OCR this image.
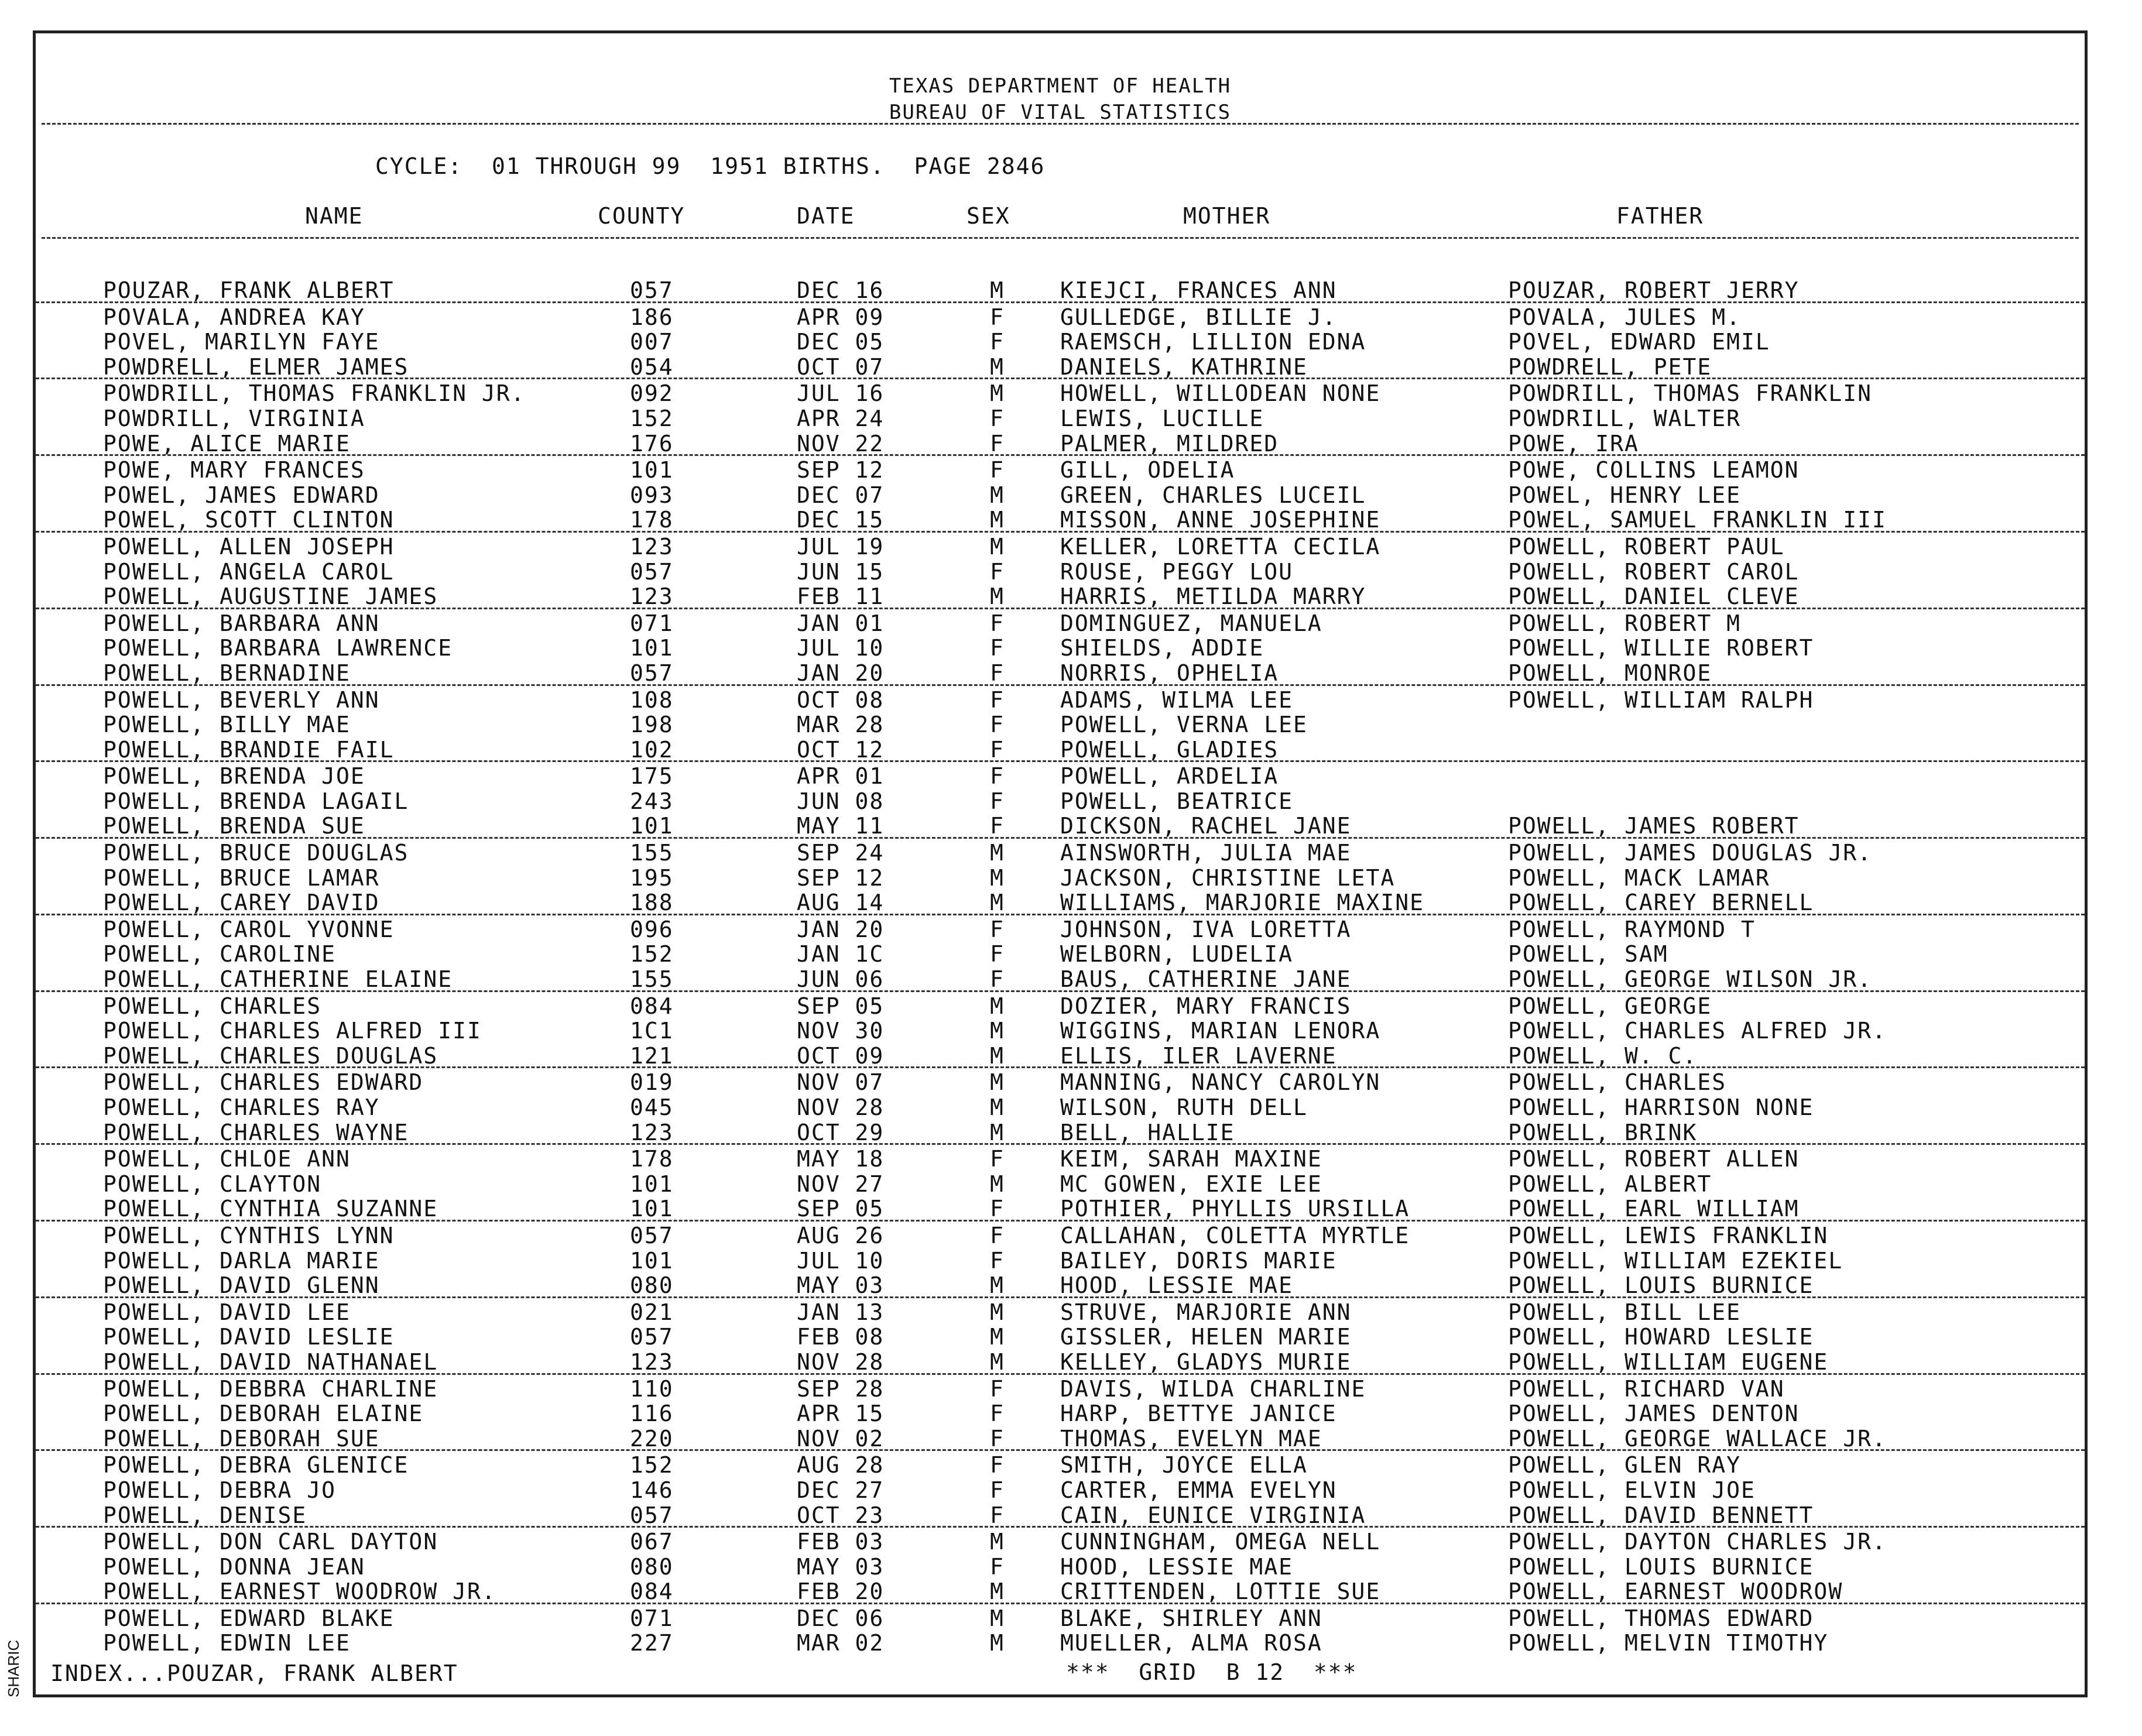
TEXAS DEPARTMENT OF HEALTH
BUREAU OF VITAL STATISTICS
CYCLE:  01 THROUGH 99  1951 BIRTHS.  PAGE 2846
NAME	COUNTY	DATE	SEX	MOTHER	FATHER
POUZAR, FRANK ALBERT	057	DEC 16	M	KIEJCI, FRANCES ANN	POUZAR, ROBERT JERRY
POVALA, ANDREA KAY	186	APR 09	F	GULLEDGE, BILLIE J.	POVALA, JULES M.
POVEL, MARILYN FAYE	007	DEC 05	F	RAEMSCH, LILLION EDNA	POVEL, EDWARD EMIL
POWDRELL, ELMER JAMES	054	OCT 07	M	DANIELS, KATHRINE	POWDRELL, PETE
POWDRILL, THOMAS FRANKLIN JR.	092	JUL 16	M	HOWELL, WILLODEAN NONE	POWDRILL, THOMAS FRANKLIN
POWDRILL, VIRGINIA	152	APR 24	F	LEWIS, LUCILLE	POWDRILL, WALTER
POWE, ALICE MARIE	176	NOV 22	F	PALMER, MILDRED	POWE, IRA
POWE, MARY FRANCES	101	SEP 12	F	GILL, ODELIA	POWE, COLLINS LEAMON
POWEL, JAMES EDWARD	093	DEC 07	M	GREEN, CHARLES LUCEIL	POWEL, HENRY LEE
POWEL, SCOTT CLINTON	178	DEC 15	M	MISSON, ANNE JOSEPHINE	POWEL, SAMUEL FRANKLIN III
POWELL, ALLEN JOSEPH	123	JUL 19	M	KELLER, LORETTA CECILA	POWELL, ROBERT PAUL
POWELL, ANGELA CAROL	057	JUN 15	F	ROUSE, PEGGY LOU	POWELL, ROBERT CAROL
POWELL, AUGUSTINE JAMES	123	FEB 11	M	HARRIS, METILDA MARRY	POWELL, DANIEL CLEVE
POWELL, BARBARA ANN	071	JAN 01	F	DOMINGUEZ, MANUELA	POWELL, ROBERT M
POWELL, BARBARA LAWRENCE	101	JUL 10	F	SHIELDS, ADDIE	POWELL, WILLIE ROBERT
POWELL, BERNADINE	057	JAN 20	F	NORRIS, OPHELIA	POWELL, MONROE
POWELL, BEVERLY ANN	108	OCT 08	F	ADAMS, WILMA LEE	POWELL, WILLIAM RALPH
POWELL, BILLY MAE	198	MAR 28	F	POWELL, VERNA LEE
POWELL, BRANDIE FAIL	102	OCT 12	F	POWELL, GLADIES
POWELL, BRENDA JOE	175	APR 01	F	POWELL, ARDELIA
POWELL, BRENDA LAGAIL	243	JUN 08	F	POWELL, BEATRICE
POWELL, BRENDA SUE	101	MAY 11	F	DICKSON, RACHEL JANE	POWELL, JAMES ROBERT
POWELL, BRUCE DOUGLAS	155	SEP 24	M	AINSWORTH, JULIA MAE	POWELL, JAMES DOUGLAS JR.
POWELL, BRUCE LAMAR	195	SEP 12	M	JACKSON, CHRISTINE LETA	POWELL, MACK LAMAR
POWELL, CAREY DAVID	188	AUG 14	M	WILLIAMS, MARJORIE MAXINE	POWELL, CAREY BERNELL
POWELL, CAROL YVONNE	096	JAN 20	F	JOHNSON, IVA LORETTA	POWELL, RAYMOND T
POWELL, CAROLINE	152	JAN 1C	F	WELBORN, LUDELIA	POWELL, SAM
POWELL, CATHERINE ELAINE	155	JUN 06	F	BAUS, CATHERINE JANE	POWELL, GEORGE WILSON JR.
POWELL, CHARLES	084	SEP 05	M	DOZIER, MARY FRANCIS	POWELL, GEORGE
POWELL, CHARLES ALFRED III	1C1	NOV 30	M	WIGGINS, MARIAN LENORA	POWELL, CHARLES ALFRED JR.
POWELL, CHARLES DOUGLAS	121	OCT 09	M	ELLIS, ILER LAVERNE	POWELL, W. C.
POWELL, CHARLES EDWARD	019	NOV 07	M	MANNING, NANCY CAROLYN	POWELL, CHARLES
POWELL, CHARLES RAY	045	NOV 28	M	WILSON, RUTH DELL	POWELL, HARRISON NONE
POWELL, CHARLES WAYNE	123	OCT 29	M	BELL, HALLIE	POWELL, BRINK
POWELL, CHLOE ANN	178	MAY 18	F	KEIM, SARAH MAXINE	POWELL, ROBERT ALLEN
POWELL, CLAYTON	101	NOV 27	M	MC GOWEN, EXIE LEE	POWELL, ALBERT
POWELL, CYNTHIA SUZANNE	101	SEP 05	F	POTHIER, PHYLLIS URSILLA	POWELL, EARL WILLIAM
POWELL, CYNTHIS LYNN	057	AUG 26	F	CALLAHAN, COLETTA MYRTLE	POWELL, LEWIS FRANKLIN
POWELL, DARLA MARIE	101	JUL 10	F	BAILEY, DORIS MARIE	POWELL, WILLIAM EZEKIEL
POWELL, DAVID GLENN	080	MAY 03	M	HOOD, LESSIE MAE	POWELL, LOUIS BURNICE
POWELL, DAVID LEE	021	JAN 13	M	STRUVE, MARJORIE ANN	POWELL, BILL LEE
POWELL, DAVID LESLIE	057	FEB 08	M	GISSLER, HELEN MARIE	POWELL, HOWARD LESLIE
POWELL, DAVID NATHANAEL	123	NOV 28	M	KELLEY, GLADYS MURIE	POWELL, WILLIAM EUGENE
POWELL, DEBBRA CHARLINE	110	SEP 28	F	DAVIS, WILDA CHARLINE	POWELL, RICHARD VAN
POWELL, DEBORAH ELAINE	116	APR 15	F	HARP, BETTYE JANICE	POWELL, JAMES DENTON
POWELL, DEBORAH SUE	220	NOV 02	F	THOMAS, EVELYN MAE	POWELL, GEORGE WALLACE JR.
POWELL, DEBRA GLENICE	152	AUG 28	F	SMITH, JOYCE ELLA	POWELL, GLEN RAY
POWELL, DEBRA JO	146	DEC 27	F	CARTER, EMMA EVELYN	POWELL, ELVIN JOE
POWELL, DENISE	057	OCT 23	F	CAIN, EUNICE VIRGINIA	POWELL, DAVID BENNETT
POWELL, DON CARL DAYTON	067	FEB 03	M	CUNNINGHAM, OMEGA NELL	POWELL, DAYTON CHARLES JR.
POWELL, DONNA JEAN	080	MAY 03	F	HOOD, LESSIE MAE	POWELL, LOUIS BURNICE
POWELL, EARNEST WOODROW JR.	084	FEB 20	M	CRITTENDEN, LOTTIE SUE	POWELL, EARNEST WOODROW
POWELL, EDWARD BLAKE	071	DEC 06	M	BLAKE, SHIRLEY ANN	POWELL, THOMAS EDWARD
POWELL, EDWIN LEE	227	MAR 02	M	MUELLER, ALMA ROSA	POWELL, MELVIN TIMOTHY
INDEX...POUZAR, FRANK ALBERT	***  GRID  B 12  ***
SHARIC
